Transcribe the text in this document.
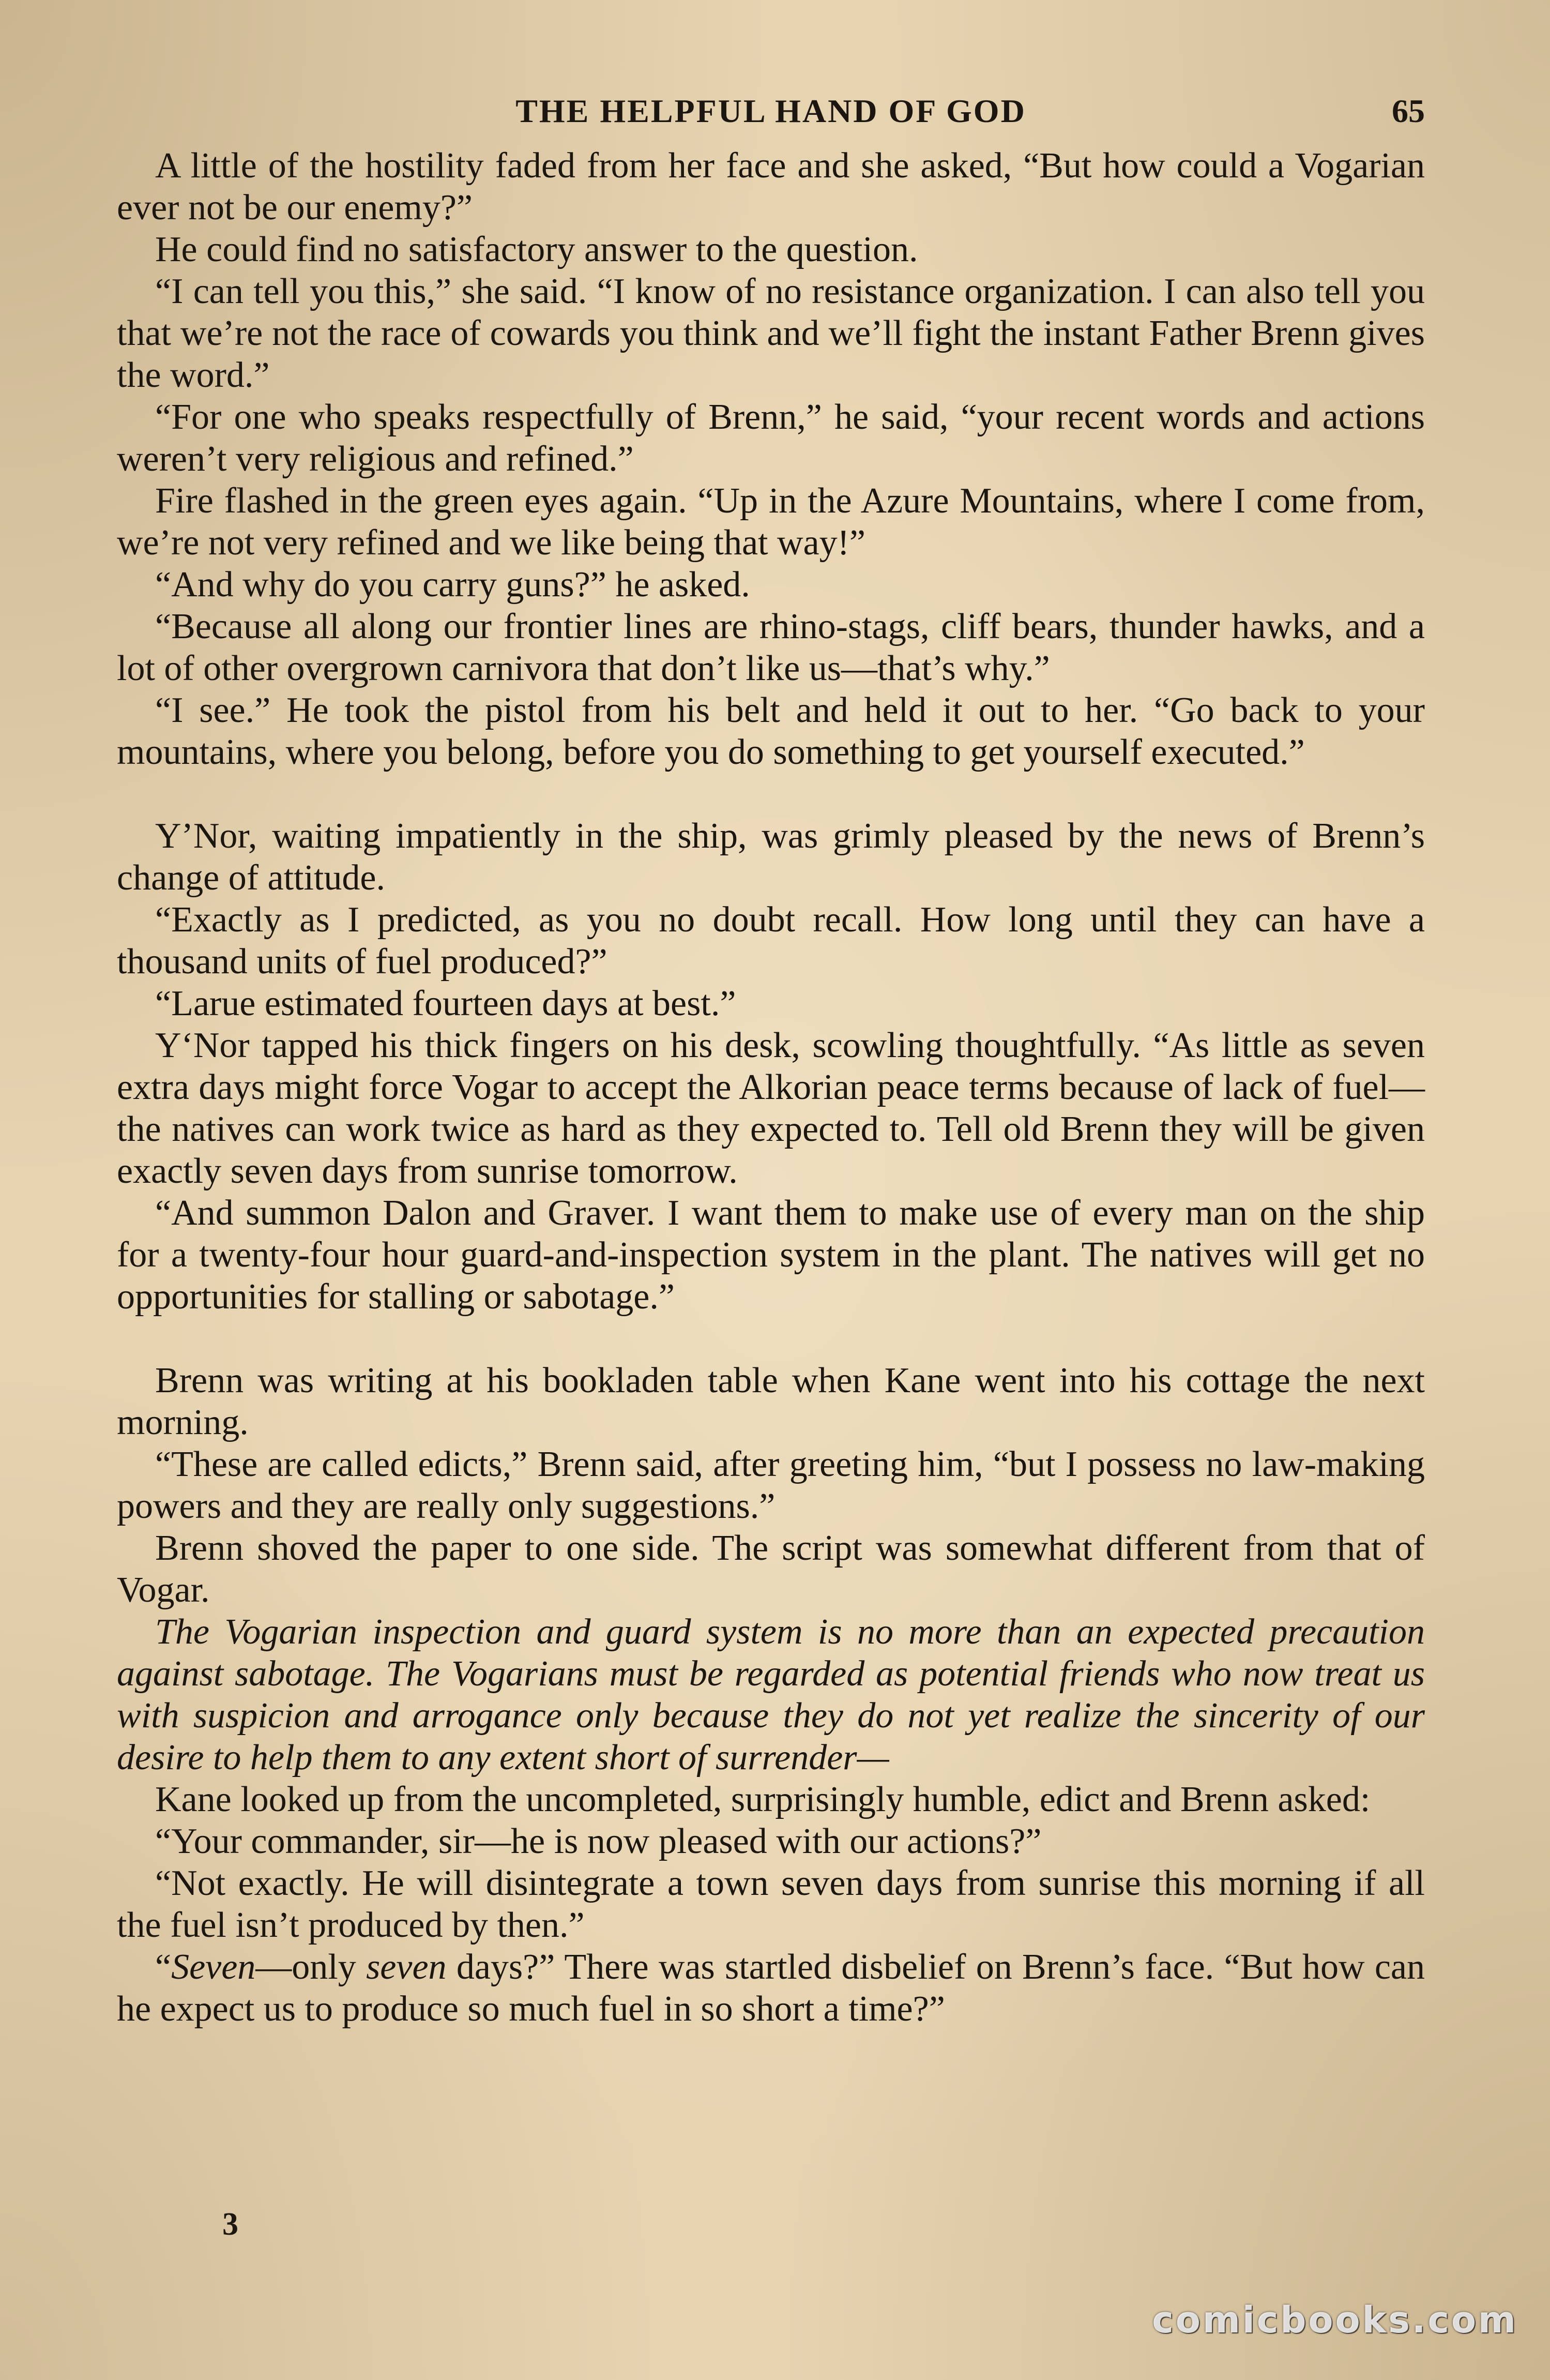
THE HELPFUL HAND OF GOD	65

A little of the hostility faded from her face and she asked, “But how could a Vogarian ever not be our enemy?”

He could find no satisfactory answer to the question.

“I can tell you this,” she said. “I know of no resistance organization. I can also tell you that we’re not the race of cowards you think and we’ll fight the instant Father Brenn gives the word.”

“For one who speaks respectfully of Brenn,” he said, “your recent words and actions weren’t very religious and refined.”

Fire flashed in the green eyes again. “Up in the Azure Mountains, where I come from, we’re not very refined and we like being that way!”

“And why do you carry guns?” he asked.

“Because all along our frontier lines are rhino-stags, cliff bears, thunder hawks, and a lot of other overgrown carnivora that don’t like us—that’s why.”

“I see.” He took the pistol from his belt and held it out to her. “Go back to your mountains, where you belong, before you do something to get yourself executed.”

Y’Nor, waiting impatiently in the ship, was grimly pleased by the news of Brenn’s change of attitude.

“Exactly as I predicted, as you no doubt recall. How long until they can have a thousand units of fuel produced?”

“Larue estimated fourteen days at best.”

Y‘Nor tapped his thick fingers on his desk, scowling thoughtfully. “As little as seven extra days might force Vogar to accept the Alkorian peace terms because of lack of fuel—the natives can work twice as hard as they expected to. Tell old Brenn they will be given exactly seven days from sunrise tomorrow.

“And summon Dalon and Graver. I want them to make use of every man on the ship for a twenty-four hour guard-and-inspection system in the plant. The natives will get no opportunities for stalling or sabotage.”

Brenn was writing at his bookladen table when Kane went into his cottage the next morning.

“These are called edicts,” Brenn said, after greeting him, “but I possess no law-making powers and they are really only suggestions.”

Brenn shoved the paper to one side. The script was somewhat different from that of Vogar.

The Vogarian inspection and guard system is no more than an expected precaution against sabotage. The Vogarians must be regarded as potential friends who now treat us with suspicion and arrogance only because they do not yet realize the sincerity of our desire to help them to any extent short of surrender—

Kane looked up from the uncompleted, surprisingly humble, edict and Brenn asked:

“Your commander, sir—he is now pleased with our actions?”

“Not exactly. He will disintegrate a town seven days from sunrise this morning if all the fuel isn’t produced by then.”

“Seven—only seven days?” There was startled disbelief on Brenn’s face. “But how can he expect us to produce so much fuel in so short a time?”

3
comicbooks.com
